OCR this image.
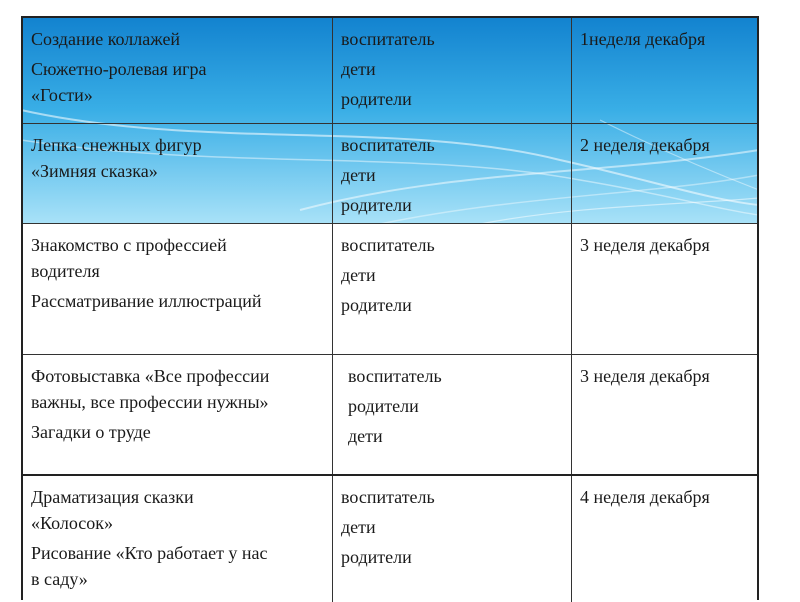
Создание коллажей
Сюжетно-ролевая игра
«Гости»
воспитатель
дети
родители
1неделя декабря
Лепка снежных фигур
«Зимняя сказка»
воспитатель
дети
родители
2 неделя декабря
Знакомство с профессией
водителя
Рассматривание иллюстраций
воспитатель
дети
родители
3 неделя декабря
Фотовыставка «Все профессии
важны, все профессии нужны»
Загадки о труде
воспитатель
родители
дети
3 неделя декабря
Драматизация сказки
«Колосок»
Рисование «Кто работает у нас
в саду»
воспитатель
дети
родители
4 неделя декабря
